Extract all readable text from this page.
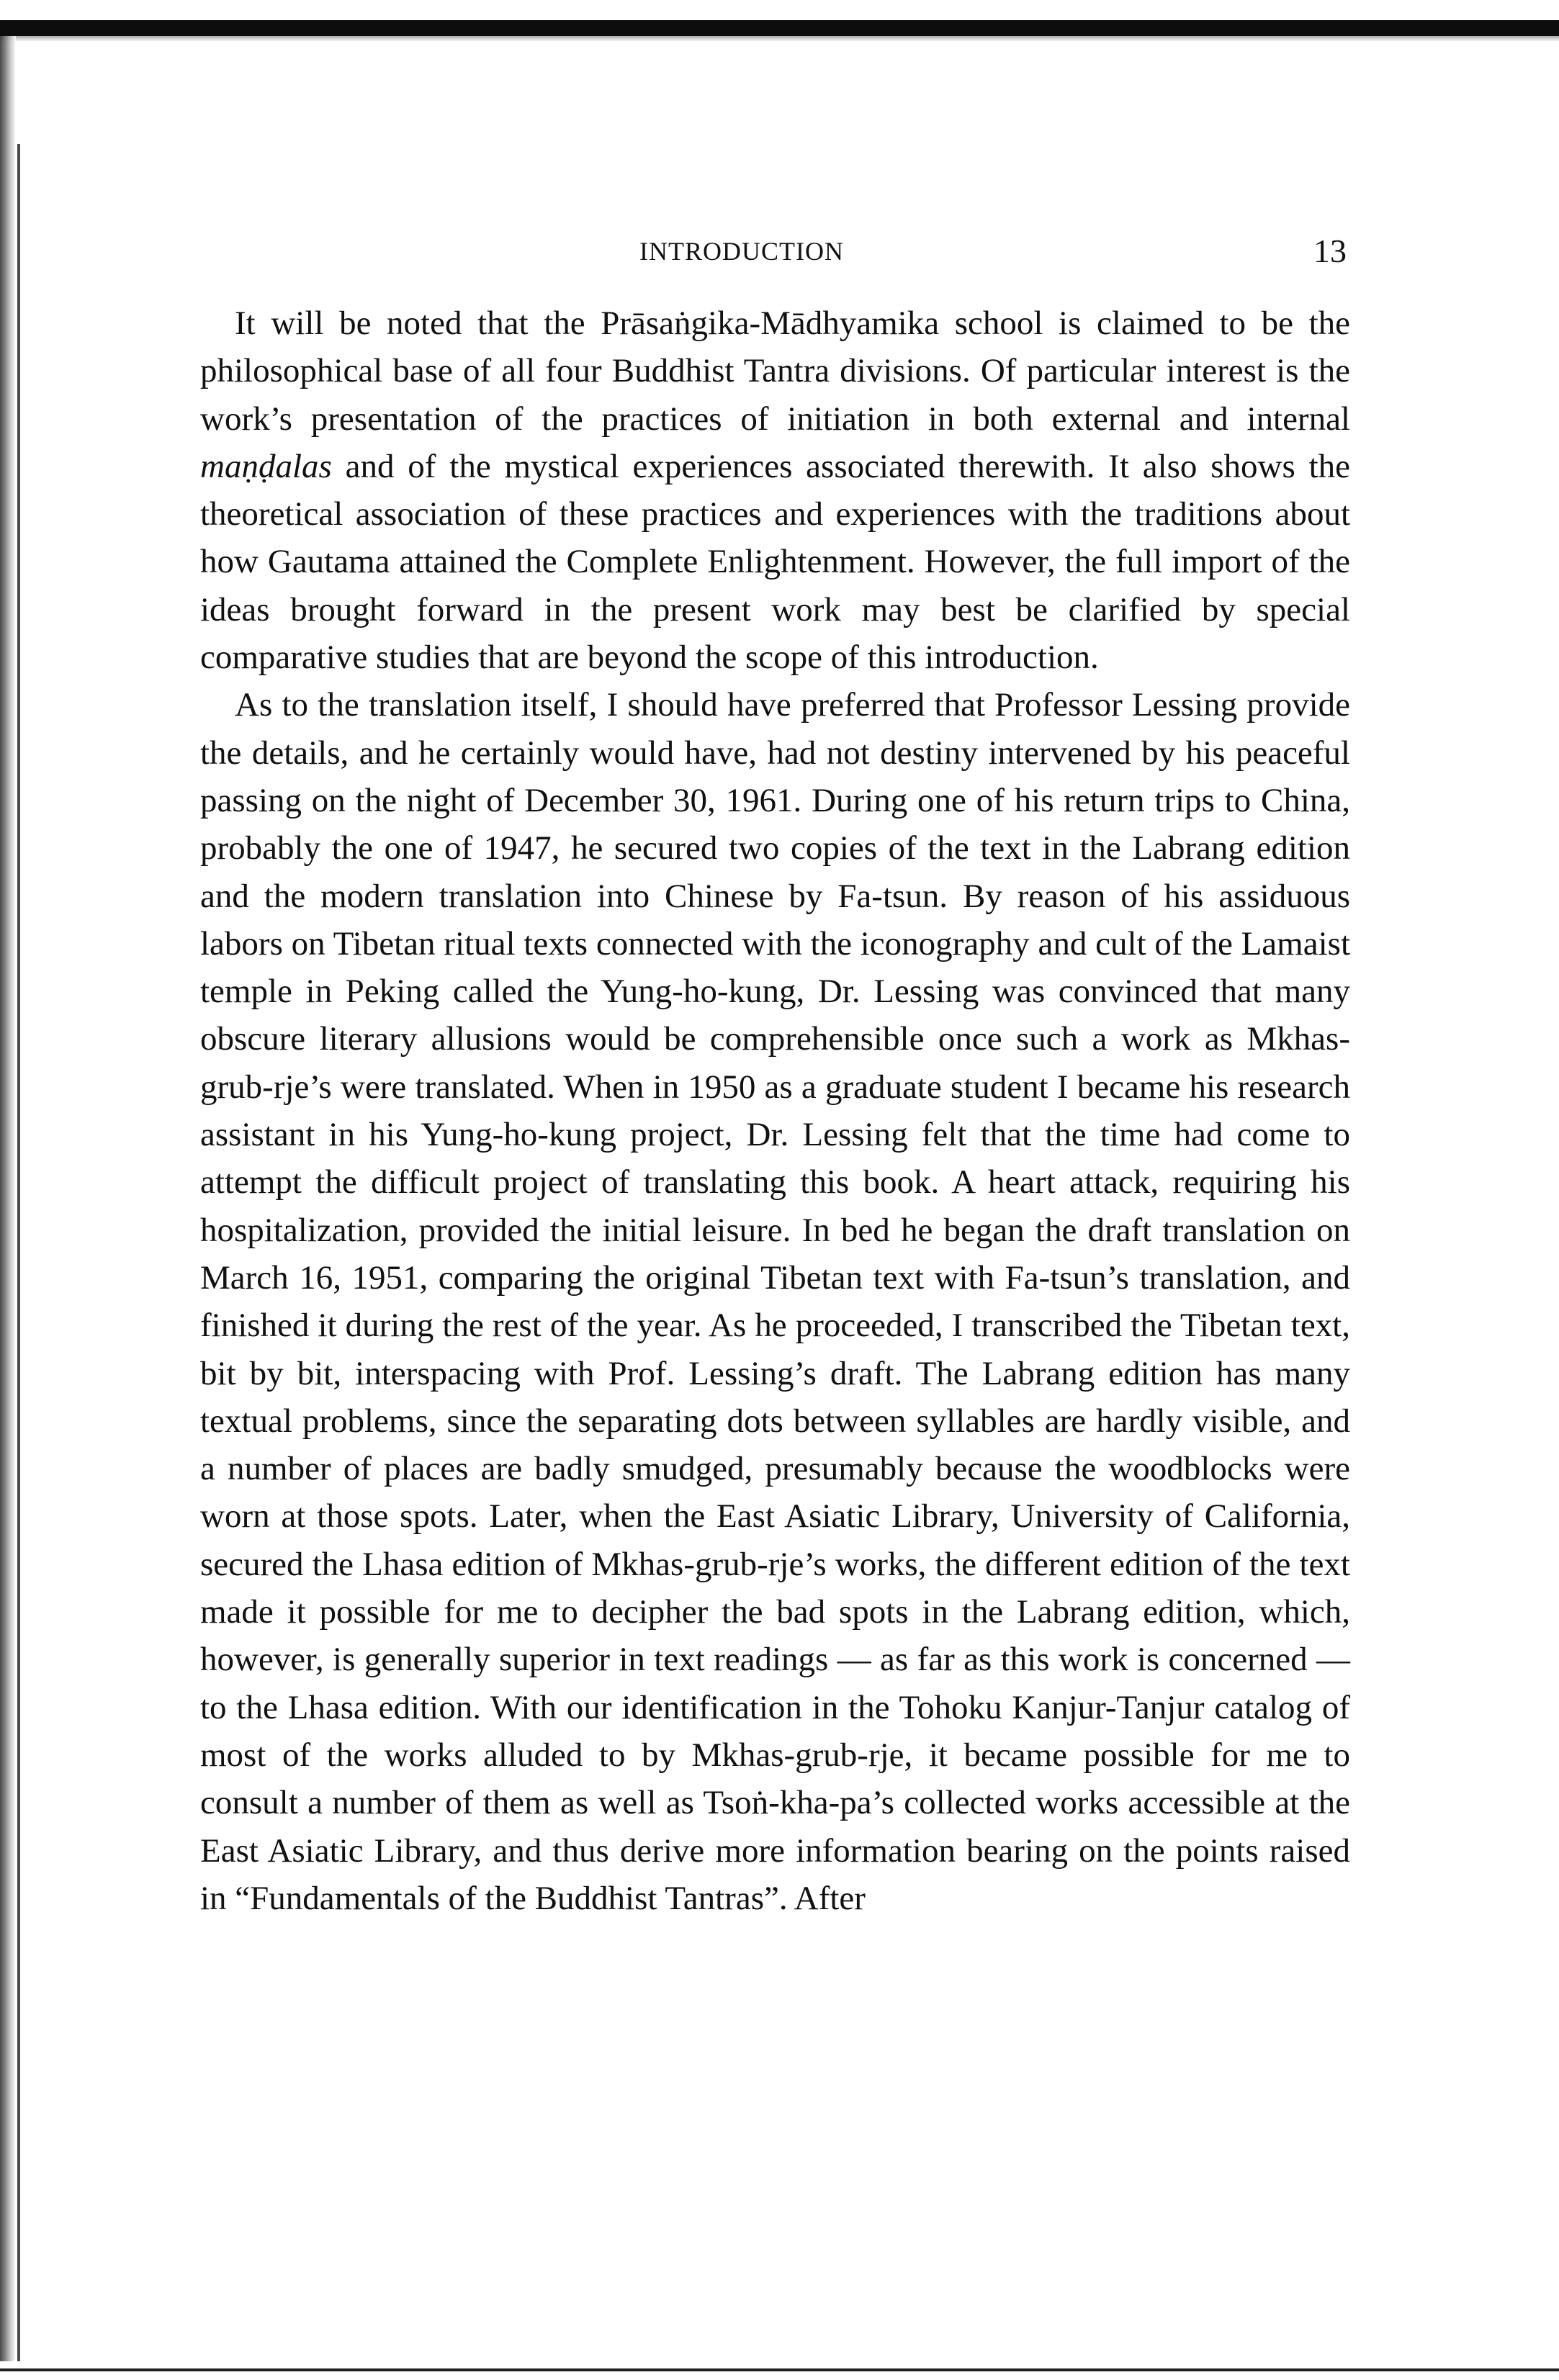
INTRODUCTION	13

It will be noted that the Prāsaṅgika-Mādhyamika school is claimed to be the philosophical base of all four Buddhist Tantra divisions. Of particular interest is the work’s presentation of the practices of initiation in both external and internal maṇḍalas and of the mystical experiences associated therewith. It also shows the theoretical association of these practices and experiences with the traditions about how Gautama attained the Complete Enlightenment. However, the full import of the ideas brought forward in the present work may best be clarified by special comparative studies that are beyond the scope of this introduction.

As to the translation itself, I should have preferred that Professor Lessing provide the details, and he certainly would have, had not destiny intervened by his peaceful passing on the night of December 30, 1961. During one of his return trips to China, probably the one of 1947, he secured two copies of the text in the Labrang edition and the modern translation into Chinese by Fa-tsun. By reason of his assiduous labors on Tibetan ritual texts connected with the iconography and cult of the Lamaist temple in Peking called the Yung-ho-kung, Dr. Lessing was convinced that many obscure literary allusions would be comprehensible once such a work as Mkhas-grub-rje’s were translated. When in 1950 as a graduate student I became his research assistant in his Yung-ho-kung project, Dr. Lessing felt that the time had come to attempt the difficult project of translating this book. A heart attack, requiring his hospitalization, provided the initial leisure. In bed he began the draft translation on March 16, 1951, comparing the original Tibetan text with Fa-tsun’s translation, and finished it during the rest of the year. As he proceeded, I transcribed the Tibetan text, bit by bit, interspacing with Prof. Lessing’s draft. The Labrang edition has many textual problems, since the separating dots between syllables are hardly visible, and a number of places are badly smudged, presumably because the woodblocks were worn at those spots. Later, when the East Asiatic Library, University of California, secured the Lhasa edition of Mkhas-grub-rje’s works, the different edition of the text made it possible for me to decipher the bad spots in the Labrang edition, which, however, is generally superior in text readings — as far as this work is concerned — to the Lhasa edition. With our identification in the Tohoku Kanjur-Tanjur catalog of most of the works alluded to by Mkhas-grub-rje, it became possible for me to consult a number of them as well as Tsoṅ-kha-pa’s collected works accessible at the East Asiatic Library, and thus derive more information bearing on the points raised in “Fundamentals of the Buddhist Tantras”. After
